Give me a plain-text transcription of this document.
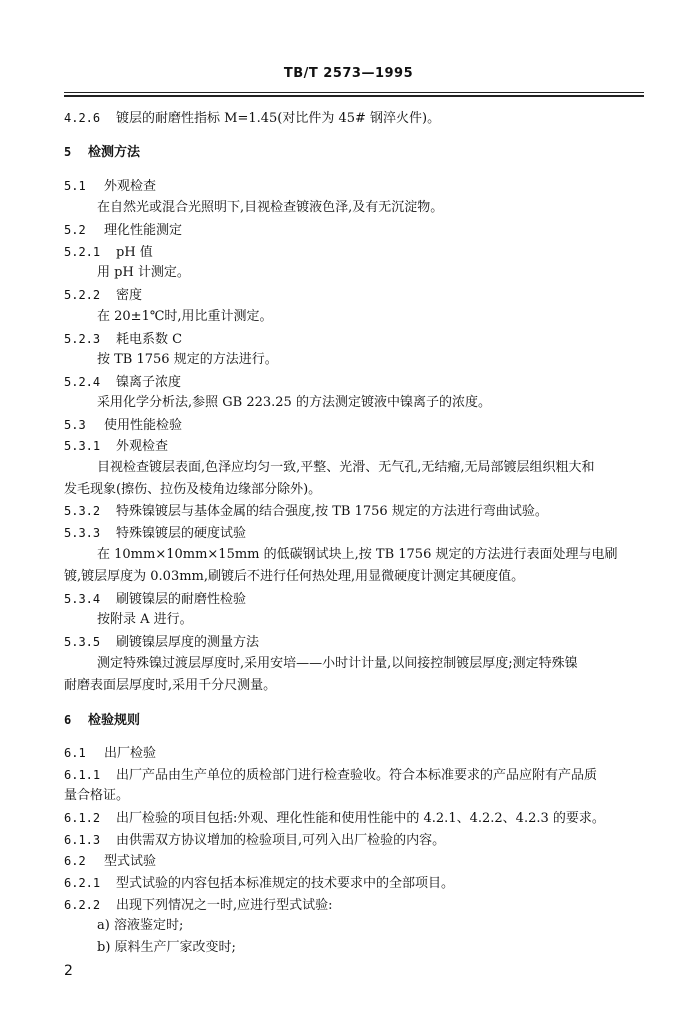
TB/T 2573—1995
4.2.6 镀层的耐磨性指标 M=1.45(对比件为 45# 钢淬火件)。
5 检测方法
5.1 外观检查
在自然光或混合光照明下,目视检查镀液色泽,及有无沉淀物。
5.2 理化性能测定
5.2.1 pH 值
用 pH 计测定。
5.2.2 密度
在 20±1℃时,用比重计测定。
5.2.3 耗电系数 C
按 TB 1756 规定的方法进行。
5.2.4 镍离子浓度
采用化学分析法,参照 GB 223.25 的方法测定镀液中镍离子的浓度。
5.3 使用性能检验
5.3.1 外观检查
目视检查镀层表面,色泽应均匀一致,平整、光滑、无气孔,无结瘤,无局部镀层组织粗大和
发毛现象(擦伤、拉伤及棱角边缘部分除外)。
5.3.2 特殊镍镀层与基体金属的结合强度,按 TB 1756 规定的方法进行弯曲试验。
5.3.3 特殊镍镀层的硬度试验
在 10mm×10mm×15mm 的低碳钢试块上,按 TB 1756 规定的方法进行表面处理与电刷
镀,镀层厚度为 0.03mm,刷镀后不进行任何热处理,用显微硬度计测定其硬度值。
5.3.4 刷镀镍层的耐磨性检验
按附录 A 进行。
5.3.5 刷镀镍层厚度的测量方法
测定特殊镍过渡层厚度时,采用安培——小时计计量,以间接控制镀层厚度;测定特殊镍
耐磨表面层厚度时,采用千分尺测量。
6 检验规则
6.1 出厂检验
6.1.1 出厂产品由生产单位的质检部门进行检查验收。符合本标准要求的产品应附有产品质
量合格证。
6.1.2 出厂检验的项目包括:外观、理化性能和使用性能中的 4.2.1、4.2.2、4.2.3 的要求。
6.1.3 由供需双方协议增加的检验项目,可列入出厂检验的内容。
6.2 型式试验
6.2.1 型式试验的内容包括本标准规定的技术要求中的全部项目。
6.2.2 出现下列情况之一时,应进行型式试验:
a) 溶液鉴定时;
b) 原料生产厂家改变时;
2
